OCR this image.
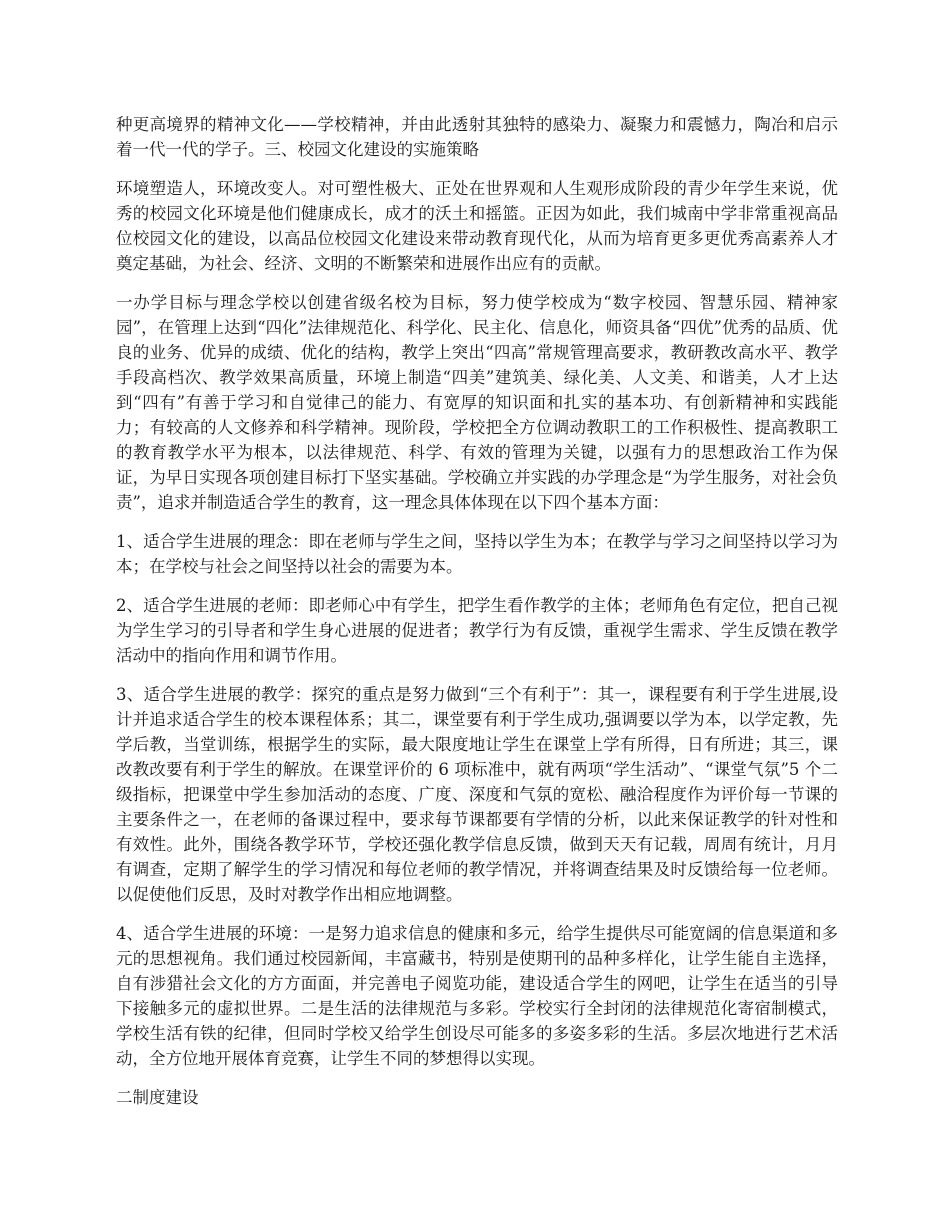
种更高境界的精神文化——学校精神，并由此透射其独特的感染力、凝聚力和震憾力，陶冶和启示着一代一代的学子。三、校园文化建设的实施策略

环境塑造人，环境改变人。对可塑性极大、正处在世界观和人生观形成阶段的青少年学生来说，优秀的校园文化环境是他们健康成长，成才的沃土和摇篮。正因为如此，我们城南中学非常重视高品位校园文化的建设，以高品位校园文化建设来带动教育现代化，从而为培育更多更优秀高素养人才奠定基础，为社会、经济、文明的不断繁荣和进展作出应有的贡献。

一办学目标与理念学校以创建省级名校为目标，努力使学校成为“数字校园、智慧乐园、精神家园”，在管理上达到“四化”法律规范化、科学化、民主化、信息化，师资具备“四优”优秀的品质、优良的业务、优异的成绩、优化的结构，教学上突出“四高”常规管理高要求，教研教改高水平、教学手段高档次、教学效果高质量，环境上制造“四美”建筑美、绿化美、人文美、和谐美，人才上达到“四有”有善于学习和自觉律己的能力、有宽厚的知识面和扎实的基本功、有创新精神和实践能力；有较高的人文修养和科学精神。现阶段，学校把全方位调动教职工的工作积极性、提高教职工的教育教学水平为根本，以法律规范、科学、有效的管理为关键，以强有力的思想政治工作为保证，为早日实现各项创建目标打下坚实基础。学校确立并实践的办学理念是“为学生服务，对社会负责”，追求并制造适合学生的教育，这一理念具体体现在以下四个基本方面：

1、适合学生进展的理念：即在老师与学生之间，坚持以学生为本；在教学与学习之间坚持以学习为本；在学校与社会之间坚持以社会的需要为本。

2、适合学生进展的老师：即老师心中有学生，把学生看作教学的主体；老师角色有定位，把自己视为学生学习的引导者和学生身心进展的促进者；教学行为有反馈，重视学生需求、学生反馈在教学活动中的指向作用和调节作用。

3、适合学生进展的教学：探究的重点是努力做到“三个有利于”：其一，课程要有利于学生进展,设计并追求适合学生的校本课程体系；其二，课堂要有利于学生成功,强调要以学为本，以学定教，先学后教，当堂训练，根据学生的实际，最大限度地让学生在课堂上学有所得，日有所进；其三，课改教改要有利于学生的解放。在课堂评价的 6 项标准中，就有两项“学生活动”、“课堂气氛”5 个二级指标，把课堂中学生参加活动的态度、广度、深度和气氛的宽松、融洽程度作为评价每一节课的主要条件之一，在老师的备课过程中，要求每节课都要有学情的分析，以此来保证教学的针对性和有效性。此外，围绕各教学环节，学校还强化教学信息反馈，做到天天有记载，周周有统计，月月有调查，定期了解学生的学习情况和每位老师的教学情况，并将调查结果及时反馈给每一位老师。以促使他们反思，及时对教学作出相应地调整。

4、适合学生进展的环境：一是努力追求信息的健康和多元，给学生提供尽可能宽阔的信息渠道和多元的思想视角。我们通过校园新闻，丰富藏书，特别是使期刊的品种多样化，让学生能自主选择，自有涉猎社会文化的方方面面，并完善电子阅览功能，建设适合学生的网吧，让学生在适当的引导下接触多元的虚拟世界。二是生活的法律规范与多彩。学校实行全封闭的法律规范化寄宿制模式，学校生活有铁的纪律，但同时学校又给学生创设尽可能多的多姿多彩的生活。多层次地进行艺术活动，全方位地开展体育竞赛，让学生不同的梦想得以实现。

二制度建设
